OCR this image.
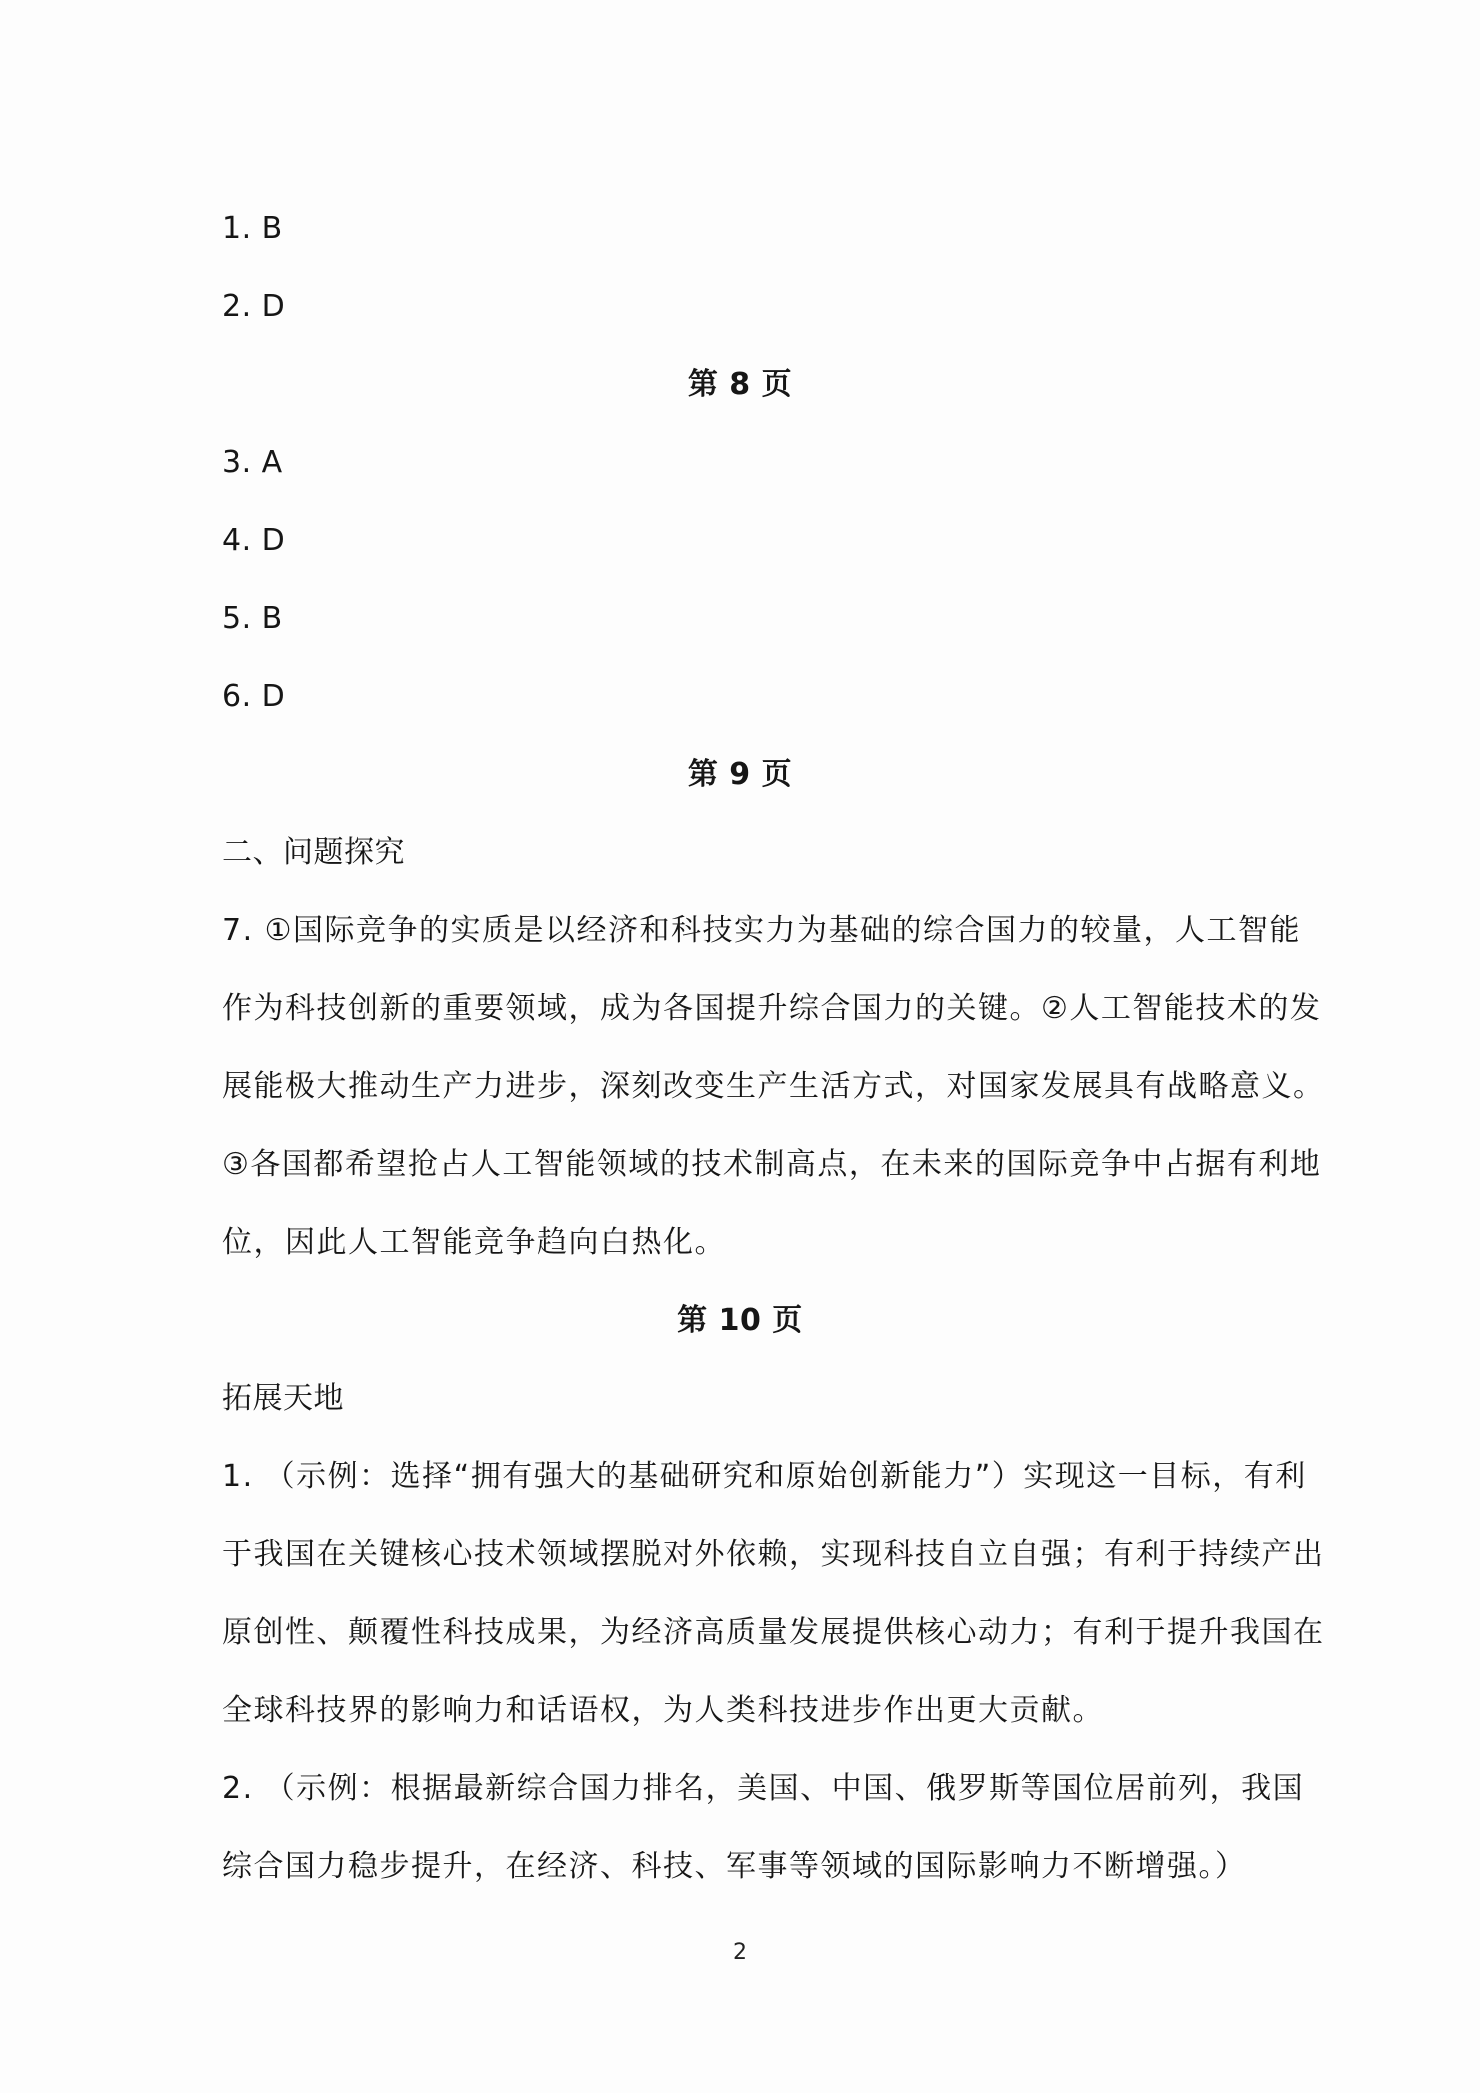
1. B
2. D
第 8 页
3. A
4. D
5. B
6. D
第 9 页
二、问题探究
7. ①国际竞争的实质是以经济和科技实力为基础的综合国力的较量，人工智能
作为科技创新的重要领域，成为各国提升综合国力的关键。②人工智能技术的发
展能极大推动生产力进步，深刻改变生产生活方式，对国家发展具有战略意义。
③各国都希望抢占人工智能领域的技术制高点，在未来的国际竞争中占据有利地
位，因此人工智能竞争趋向白热化。
第 10 页
拓展天地
1. （示例：选择“拥有强大的基础研究和原始创新能力”）实现这一目标，有利
于我国在关键核心技术领域摆脱对外依赖，实现科技自立自强；有利于持续产出
原创性、颠覆性科技成果，为经济高质量发展提供核心动力；有利于提升我国在
全球科技界的影响力和话语权，为人类科技进步作出更大贡献。
2. （示例：根据最新综合国力排名，美国、中国、俄罗斯等国位居前列，我国
综合国力稳步提升，在经济、科技、军事等领域的国际影响力不断增强。）
2
